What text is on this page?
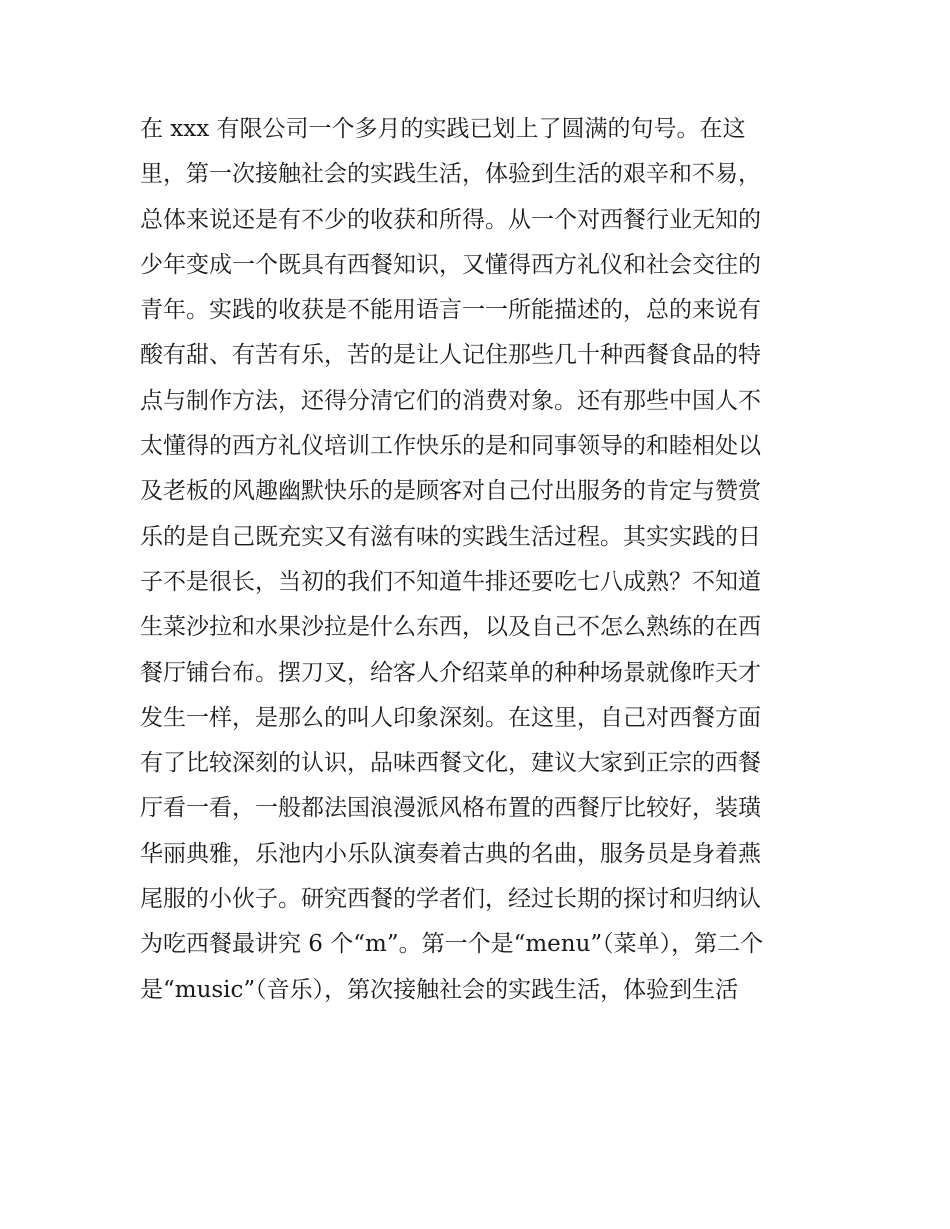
在 xxx 有限公司一个多月的实践已划上了圆满的句号。在这
里，第一次接触社会的实践生活，体验到生活的艰辛和不易，
总体来说还是有不少的收获和所得。从一个对西餐行业无知的
少年变成一个既具有西餐知识，又懂得西方礼仪和社会交往的
青年。实践的收获是不能用语言一一所能描述的，总的来说有
酸有甜、有苦有乐，苦的是让人记住那些几十种西餐食品的特
点与制作方法，还得分清它们的消费对象。还有那些中国人不
太懂得的西方礼仪培训工作快乐的是和同事领导的和睦相处以
及老板的风趣幽默快乐的是顾客对自己付出服务的肯定与赞赏
乐的是自己既充实又有滋有味的实践生活过程。其实实践的日
子不是很长，当初的我们不知道牛排还要吃七八成熟？不知道
生菜沙拉和水果沙拉是什么东西，以及自己不怎么熟练的在西
餐厅铺台布。摆刀叉，给客人介绍菜单的种种场景就像昨天才
发生一样，是那么的叫人印象深刻。在这里，自己对西餐方面
有了比较深刻的认识，品味西餐文化，建议大家到正宗的西餐
厅看一看，一般都法国浪漫派风格布置的西餐厅比较好，装璜
华丽典雅，乐池内小乐队演奏着古典的名曲，服务员是身着燕
尾服的小伙子。研究西餐的学者们，经过长期的探讨和归纳认
为吃西餐最讲究 6 个“m”。第一个是“menu”（菜单），第二个
是“music”（音乐），第次接触社会的实践生活，体验到生活
